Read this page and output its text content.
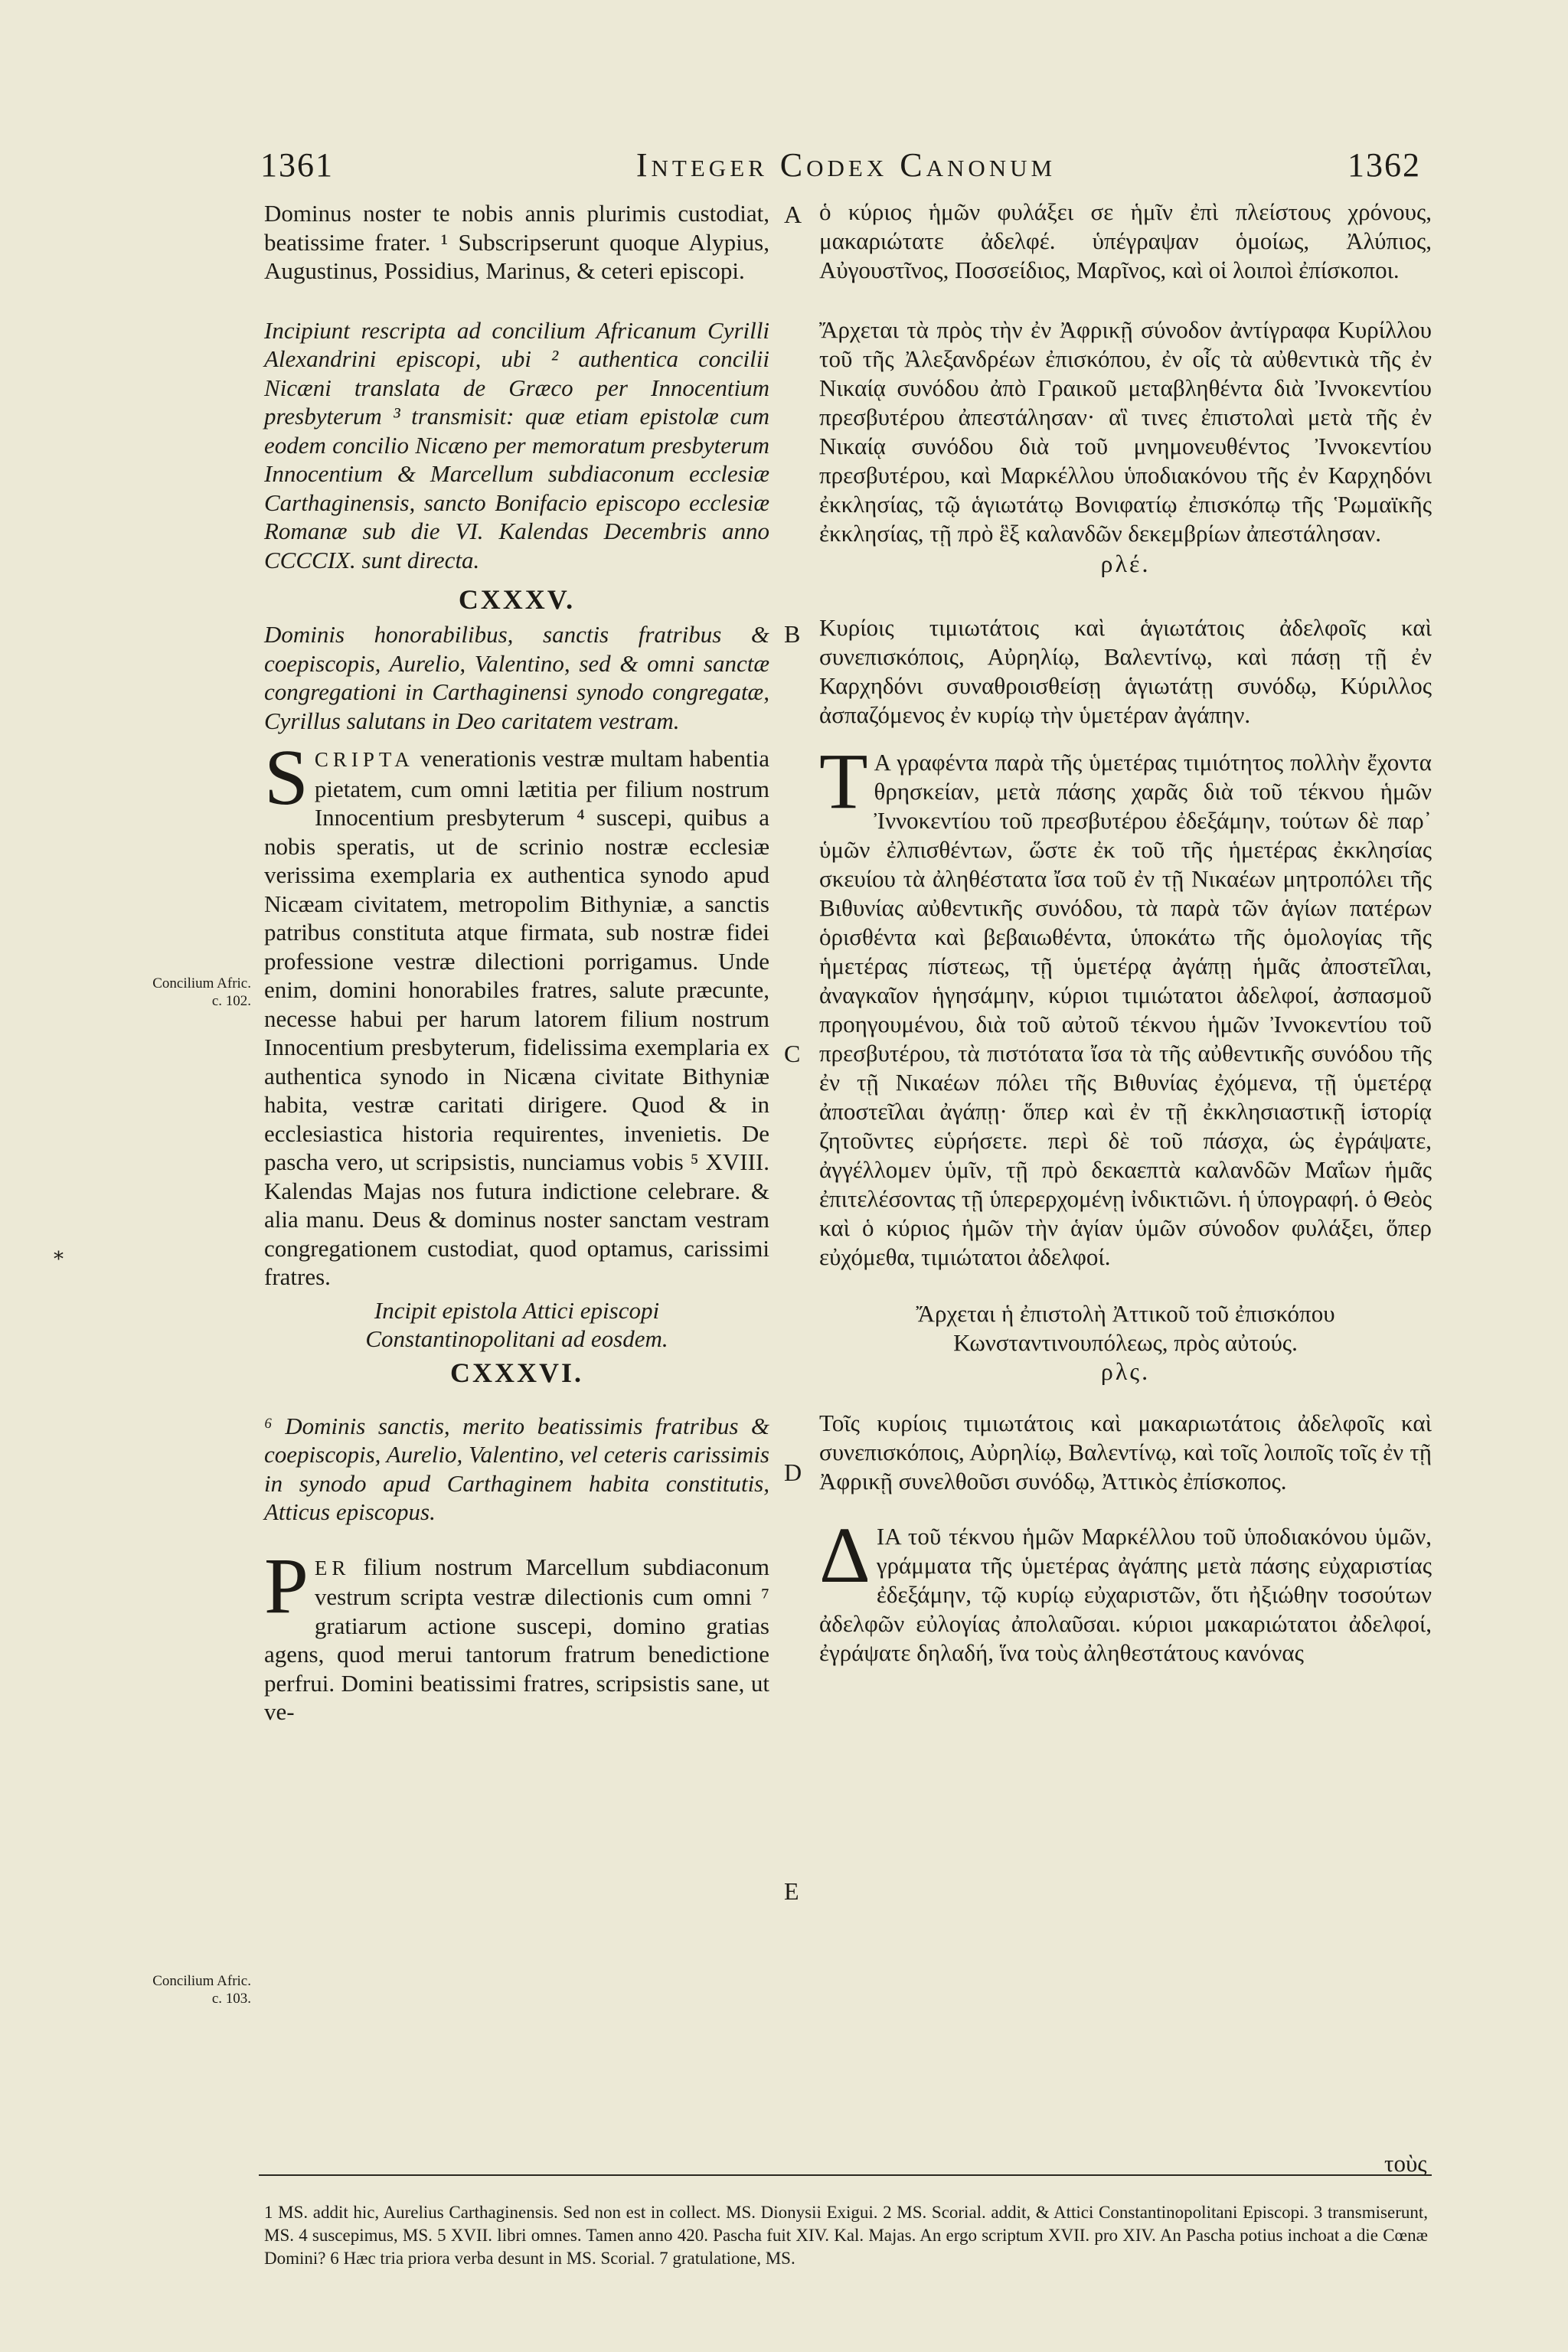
1361	Integer Codex Canonum	1362

Dominus noster te nobis annis plurimis custodiat, beatissime frater. ¹ Subscripserunt quoque Alypius, Augustinus, Possidius, Marinus, & ceteri episcopi.

Incipiunt rescripta ad concilium Africanum Cyrilli Alexandrini episcopi, ubi ² authentica concilii Nicæni translata de Græco per Innocentium presbyterum ³ transmisit: quæ etiam epistolæ cum eodem concilio Nicæno per memoratum presbyterum Innocentium & Marcellum subdiaconum ecclesiæ Carthaginensis, sancto Bonifacio episcopo ecclesiæ Romanæ sub die VI. Kalendas Decembris anno CCCCIX. sunt directa.

CXXXV.

Dominis honorabilibus, sanctis fratribus & coepiscopis, Aurelio, Valentino, sed & omni sanctæ congregationi in Carthaginensi synodo congregatæ, Cyrillus salutans in Deo caritatem vestram.

SCRIPTA venerationis vestræ multam habentia pietatem, cum omni lætitia per filium nostrum Innocentium presbyterum ⁴ suscepi, quibus a nobis speratis, ut de scrinio nostræ ecclesiæ verissima exemplaria ex authentica synodo apud Nicæam civitatem, metropolim Bithyniæ, a sanctis patribus constituta atque firmata, sub nostræ fidei professione vestræ dilectioni porrigamus. Unde enim, domini honorabiles fratres, salute præcunte, necesse habui per harum latorem filium nostrum Innocentium presbyterum, fidelissima exemplaria ex authentica synodo in Nicæna civitate Bithyniæ habita, vestræ caritati dirigere. Quod & in ecclesiastica historia requirentes, invenietis. De pascha vero, ut scripsistis, nunciamus vobis ⁵ XVIII. Kalendas Majas nos futura indictione celebrare. & alia manu. Deus & dominus noster sanctam vestram congregationem custodiat, quod optamus, carissimi fratres.

Incipit epistola Attici episcopi Constantinopolitani ad eosdem.

CXXXVI.

⁶ Dominis sanctis, merito beatissimis fratribus & coepiscopis, Aurelio, Valentino, vel ceteris carissimis in synodo apud Carthaginem habita constitutis, Atticus episcopus.

PER filium nostrum Marcellum subdiaconum vestrum scripta vestræ dilectionis cum omni ⁷ gratiarum actione suscepi, domino gratias agens, quod merui tantorum fratrum benedictione perfrui. Domini beatissimi fratres, scripsistis sane, ut ve-

ὁ κύριος ἡμῶν φυλάξει σε ἡμῖν ἐπὶ πλείστους χρόνους, μακαριώτατε ἀδελφέ. ὑπέγραψαν ὁμοίως, Ἀλύπιος, Αὐγουστῖνος, Ποσσείδιος, Μαρῖνος, καὶ οἱ λοιποὶ ἐπίσκοποι.

Ἄρχεται τὰ πρὸς τὴν ἐν Ἀφρικῇ σύνοδον ἀντίγραφα Κυρίλλου τοῦ τῆς Ἀλεξανδρέων ἐπισκόπου, ἐν οἷς τὰ αὐθεντικὰ τῆς ἐν Νικαίᾳ συνόδου ἀπὸ Γραικοῦ μεταβληθέντα διὰ Ἰννοκεντίου πρεσβυτέρου ἀπεστάλησαν· αἳ τινες ἐπιστολαὶ μετὰ τῆς ἐν Νικαίᾳ συνόδου διὰ τοῦ μνημονευθέντος Ἰννοκεντίου πρεσβυτέρου, καὶ Μαρκέλλου ὑποδιακόνου τῆς ἐν Καρχηδόνι ἐκκλησίας, τῷ ἁγιωτάτῳ Βονιφατίῳ ἐπισκόπῳ τῆς Ῥωμαϊκῆς ἐκκλησίας, τῇ πρὸ ἓξ καλανδῶν δεκεμβρίων ἀπεστάλησαν.

ρλέ.

Κυρίοις τιμιωτάτοις καὶ ἁγιωτάτοις ἀδελφοῖς καὶ συνεπισκόποις, Αὐρηλίῳ, Βαλεντίνῳ, καὶ πάσῃ τῇ ἐν Καρχηδόνι συναθροισθείσῃ ἁγιωτάτῃ συνόδῳ, Κύριλλος ἀσπαζόμενος ἐν κυρίῳ τὴν ὑμετέραν ἀγάπην.

Τ Α γραφέντα παρὰ τῆς ὑμετέρας τιμιότητος πολλὴν ἔχοντα θρησκείαν, μετὰ πάσης χαρᾶς διὰ τοῦ τέκνου ἡμῶν Ἰννοκεντίου τοῦ πρεσβυτέρου ἐδεξάμην, τούτων δὲ παρ᾽ ὑμῶν ἐλπισθέντων, ὥστε ἐκ τοῦ τῆς ἡμετέρας ἐκκλησίας σκευίου τὰ ἀληθέστατα ἴσα τοῦ ἐν τῇ Νικαέων μητροπόλει τῆς Βιθυνίας αὐθεντικῆς συνόδου, τὰ παρὰ τῶν ἁγίων πατέρων ὁρισθέντα καὶ βεβαιωθέντα, ὑποκάτω τῆς ὁμολογίας τῆς ἡμετέρας πίστεως, τῇ ὑμετέρᾳ ἀγάπῃ ἡμᾶς ἀποστεῖλαι, ἀναγκαῖον ἡγησάμην, κύριοι τιμιώτατοι ἀδελφοί, ἀσπασμοῦ προηγουμένου, διὰ τοῦ αὐτοῦ τέκνου ἡμῶν Ἰννοκεντίου τοῦ πρεσβυτέρου, τὰ πιστότατα ἴσα τὰ τῆς αὐθεντικῆς συνόδου τῆς ἐν τῇ Νικαέων πόλει τῆς Βιθυνίας ἐχόμενα, τῇ ὑμετέρᾳ ἀποστεῖλαι ἀγάπῃ· ὅπερ καὶ ἐν τῇ ἐκκλησιαστικῇ ἱστορίᾳ ζητοῦντες εὑρήσετε. περὶ δὲ τοῦ πάσχα, ὡς ἐγράψατε, ἀγγέλλομεν ὑμῖν, τῇ πρὸ δεκαεπτὰ καλανδῶν Μαΐων ἡμᾶς ἐπιτελέσοντας τῇ ὑπερερχομένῃ ἰνδικτιῶνι. ἡ ὑπογραφή. ὁ Θεὸς καὶ ὁ κύριος ἡμῶν τὴν ἁγίαν ὑμῶν σύνοδον φυλάξει, ὅπερ εὐχόμεθα, τιμιώτατοι ἀδελφοί.

Ἄρχεται ἡ ἐπιστολὴ Ἀττικοῦ τοῦ ἐπισκόπου Κωνσταντινουπόλεως, πρὸς αὐτούς.

ρλς.

Τοῖς κυρίοις τιμιωτάτοις καὶ μακαριωτάτοις ἀδελφοῖς καὶ συνεπισκόποις, Αὐρηλίῳ, Βαλεντίνῳ, καὶ τοῖς λοιποῖς τοῖς ἐν τῇ Ἀφρικῇ συνελθοῦσι συνόδῳ, Ἀττικὸς ἐπίσκοπος.

Δ ΙΑ τοῦ τέκνου ἡμῶν Μαρκέλλου τοῦ ὑποδιακόνου ὑμῶν, γράμματα τῆς ὑμετέρας ἀγάπης μετὰ πάσης εὐχαριστίας ἐδεξάμην, τῷ κυρίῳ εὐχαριστῶν, ὅτι ἠξιώθην τοσούτων ἀδελφῶν εὐλογίας ἀπολαῦσαι. κύριοι μακαριώτατοι ἀδελφοί, ἐγράψατε δηλαδή, ἵνα τοὺς ἀληθεστάτους κανόνας

Concilium Afric. c. 102.
Concilium Afric. c. 103.
*
A
B
C
D
E
τοὺς
1 MS. addit hic, Aurelius Carthaginensis. Sed non est in collect. MS. Dionysii Exigui. 2 MS. Scorial. addit, & Attici Constantinopolitani Episcopi. 3 transmiserunt, MS. 4 suscepimus, MS. 5 XVII. libri omnes. Tamen anno 420. Pascha fuit XIV. Kal. Majas. An ergo scriptum XVII. pro XIV. An Pascha potius inchoat a die Cœnæ Domini? 6 Hæc tria priora verba desunt in MS. Scorial. 7 gratulatione, MS.
